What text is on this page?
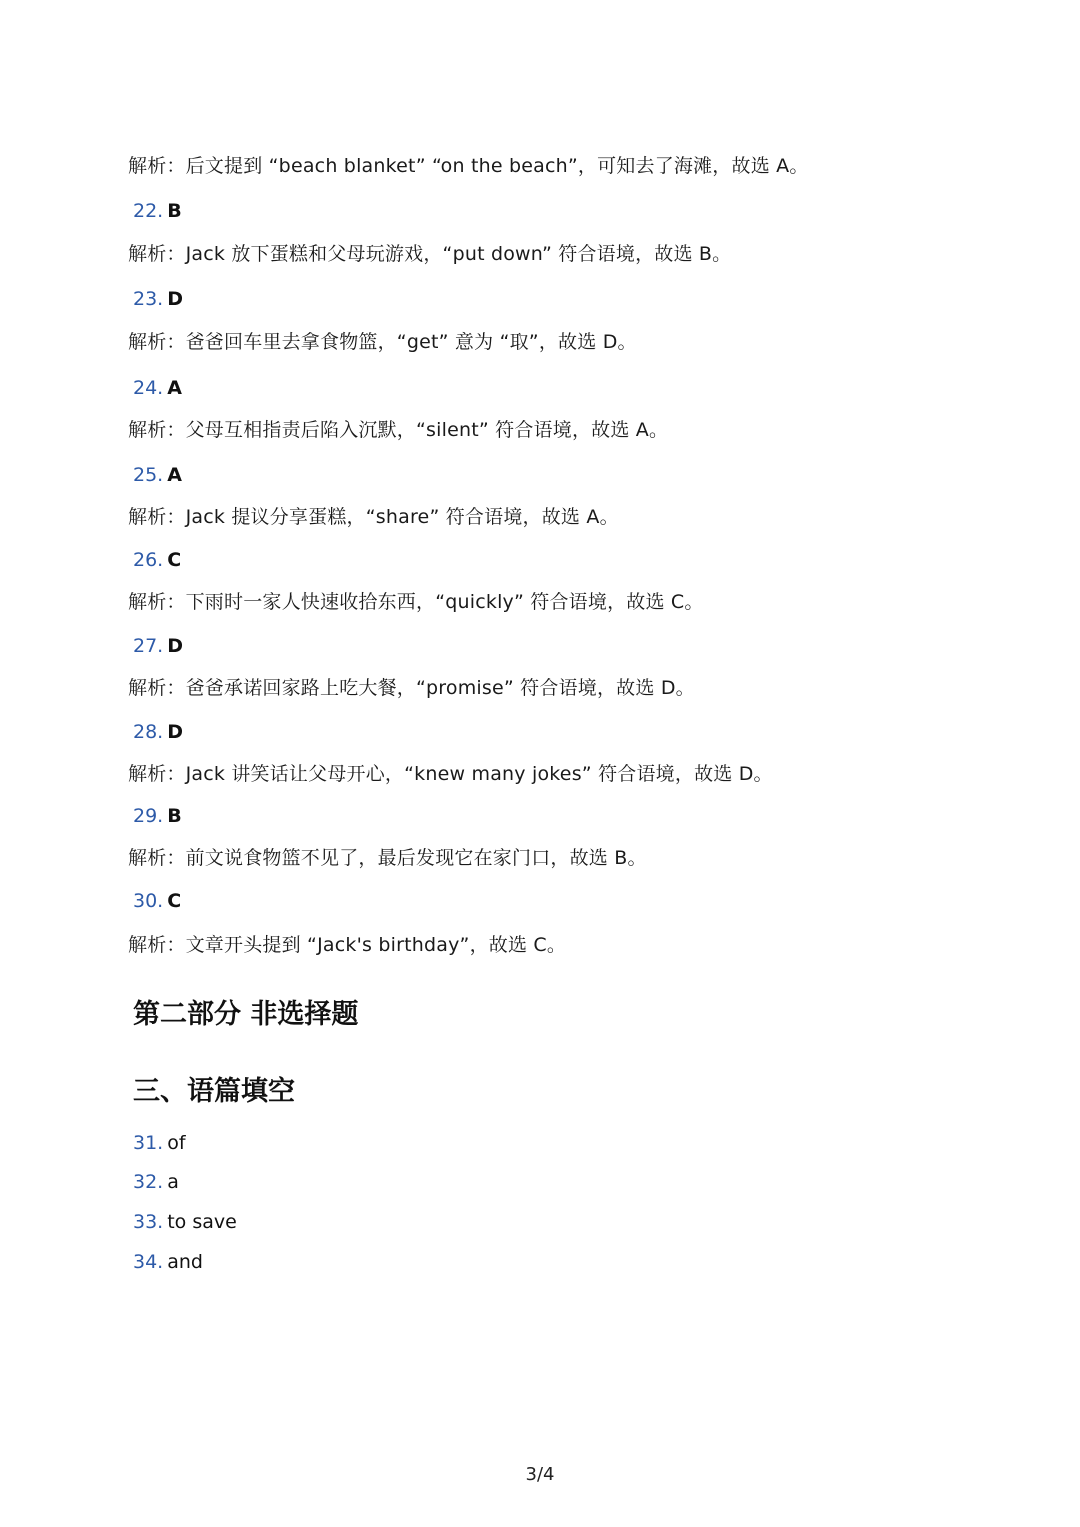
解析：后文提到 “beach blanket” “on the beach”，可知去了海滩，故选 A。
22. B
解析：Jack 放下蛋糕和父母玩游戏，“put down” 符合语境，故选 B。
23. D
解析：爸爸回车里去拿食物篮，“get” 意为 “取”，故选 D。
24. A
解析：父母互相指责后陷入沉默，“silent” 符合语境，故选 A。
25. A
解析：Jack 提议分享蛋糕，“share” 符合语境，故选 A。
26. C
解析：下雨时一家人快速收拾东西，“quickly” 符合语境，故选 C。
27. D
解析：爸爸承诺回家路上吃大餐，“promise” 符合语境，故选 D。
28. D
解析：Jack 讲笑话让父母开心，“knew many jokes” 符合语境，故选 D。
29. B
解析：前文说食物篮不见了，最后发现它在家门口，故选 B。
30. C
解析：文章开头提到 “Jack's birthday”，故选 C。
第二部分 非选择题
三、语篇填空
31. of
32. a
33. to save
34. and
3/4
